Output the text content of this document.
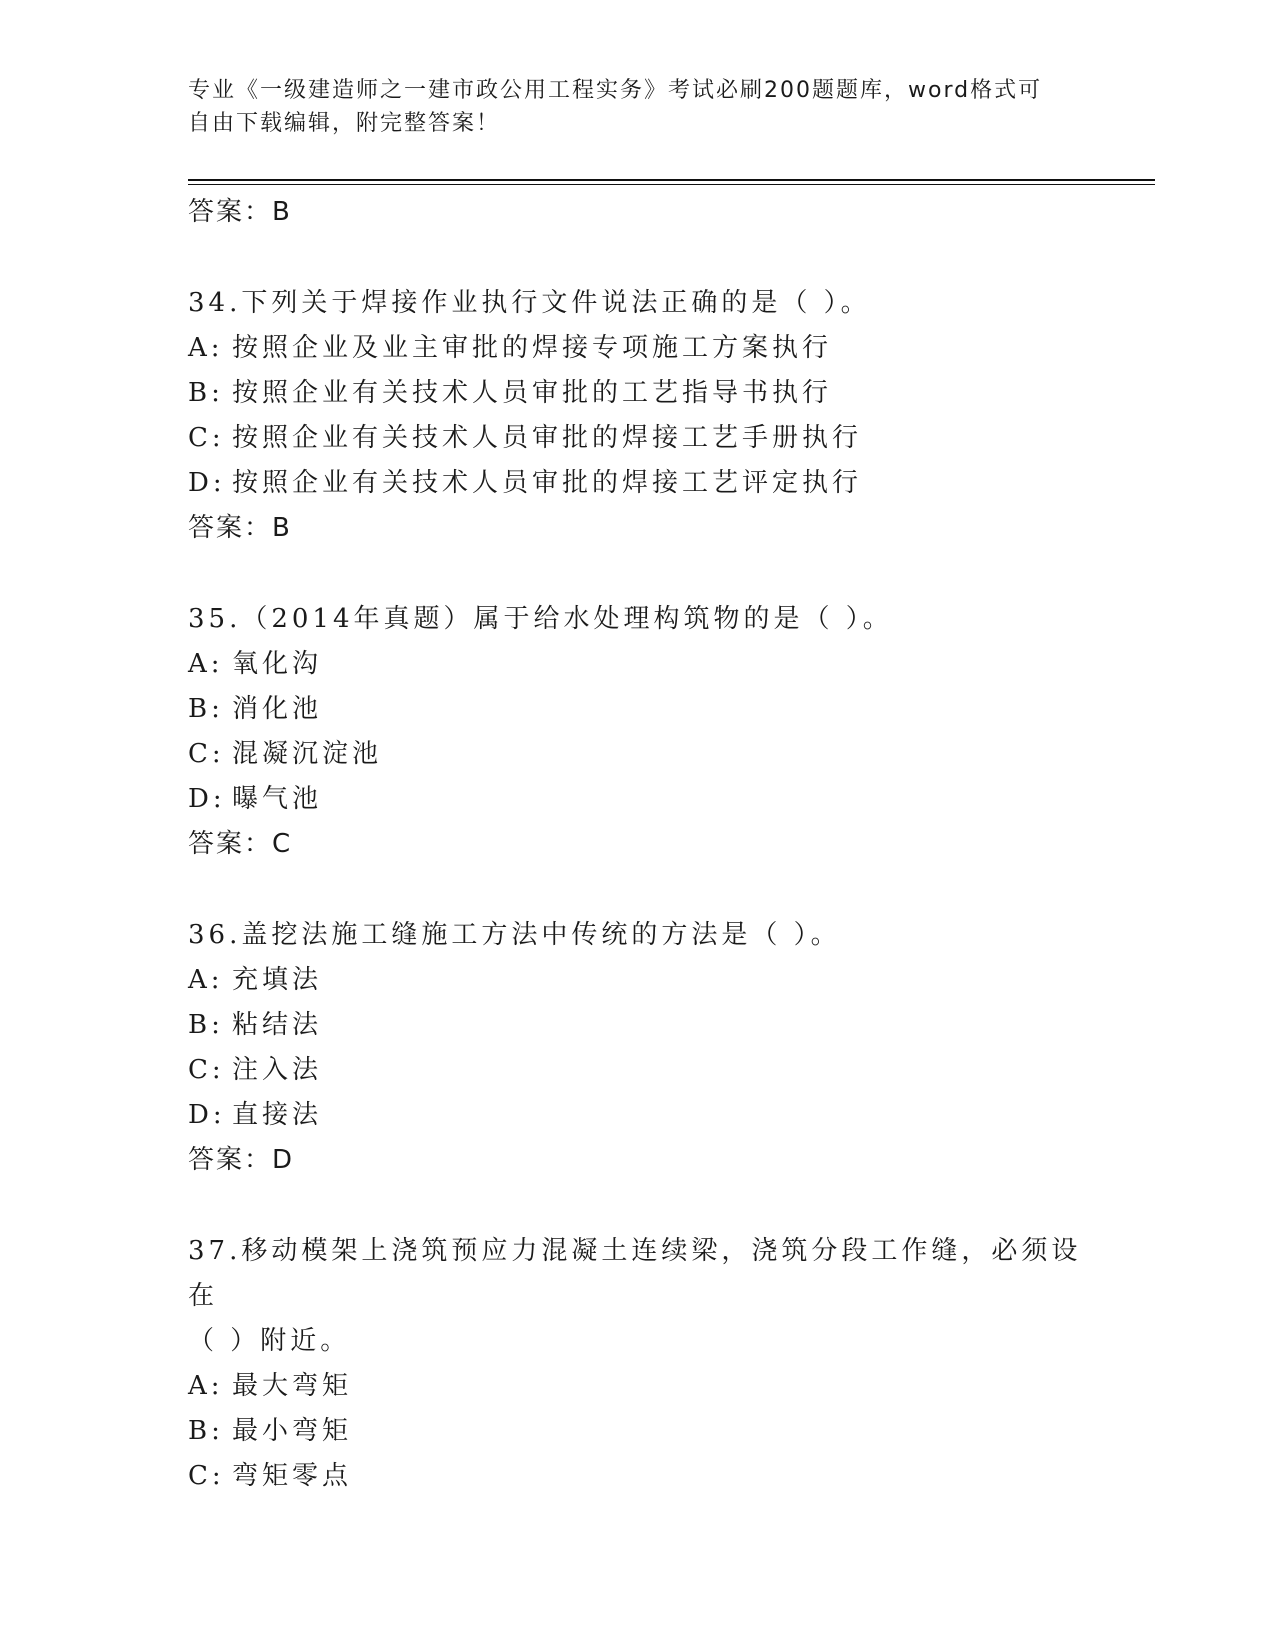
专业《一级建造师之一建市政公用工程实务》考试必刷200题题库，word格式可
自由下载编辑，附完整答案！
答案：B
34.下列关于焊接作业执行文件说法正确的是（ ）。
A: 按照企业及业主审批的焊接专项施工方案执行
B: 按照企业有关技术人员审批的工艺指导书执行
C: 按照企业有关技术人员审批的焊接工艺手册执行
D: 按照企业有关技术人员审批的焊接工艺评定执行
答案：B
35.（2014年真题）属于给水处理构筑物的是（ ）。
A: 氧化沟
B: 消化池
C: 混凝沉淀池
D: 曝气池
答案：C
36.盖挖法施工缝施工方法中传统的方法是（ ）。
A: 充填法
B: 粘结法
C: 注入法
D: 直接法
答案：D
37.移动模架上浇筑预应力混凝土连续梁，浇筑分段工作缝，必须设在
（ ）附近。
A: 最大弯矩
B: 最小弯矩
C: 弯矩零点
